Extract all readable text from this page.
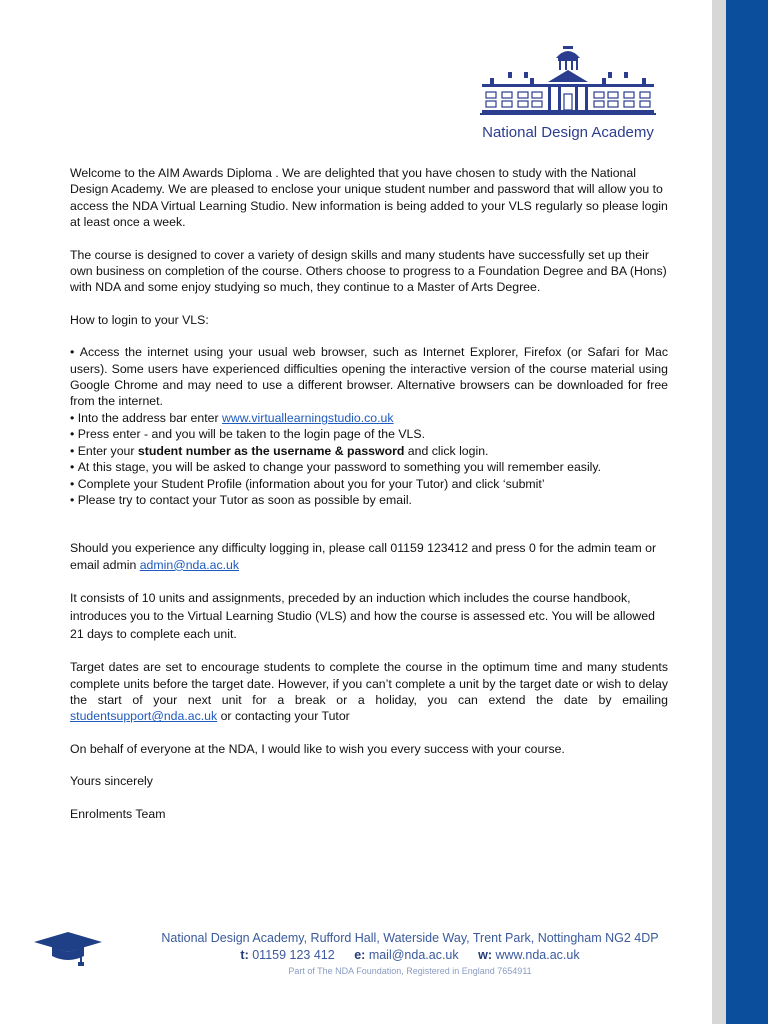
National Design Academy

Welcome to the AIM Awards Diploma . We are delighted that you have chosen to study with the National Design Academy. We are pleased to enclose your unique student number and password that will allow you to access the NDA Virtual Learning Studio. New information is being added to your VLS regularly so please login at least once a week.

The course is designed to cover a variety of design skills and many students have successfully set up their own business on completion of the course. Others choose to progress to a Foundation Degree and BA (Hons) with NDA and some enjoy studying so much, they continue to a Master of Arts Degree.

How to login to your VLS:

• Access the internet using your usual web browser, such as Internet Explorer, Firefox (or Safari for Mac users). Some users have experienced difficulties opening the interactive version of the course material using Google Chrome and may need to use a different browser. Alternative browsers can be downloaded for free from the internet.
• Into the address bar enter www.virtuallearningstudio.co.uk
• Press enter - and you will be taken to the login page of the VLS.
• Enter your student number as the username & password and click login.
• At this stage, you will be asked to change your password to something you will remember easily.
• Complete your Student Profile (information about you for your Tutor) and click ‘submit’
• Please try to contact your Tutor as soon as possible by email.

Should you experience any difficulty logging in, please call 01159 123412 and press 0 for the admin team or email admin admin@nda.ac.uk

It consists of 10 units and assignments, preceded by an induction which includes the course handbook, introduces you to the Virtual Learning Studio (VLS) and how the course is assessed etc. You will be allowed 21 days to complete each unit.

Target dates are set to encourage students to complete the course in the optimum time and many students complete units before the target date. However, if you can’t complete a unit by the target date or wish to delay the start of your next unit for a break or a holiday, you can extend the date by emailing studentsupport@nda.ac.uk or contacting your Tutor

On behalf of everyone at the NDA, I would like to wish you every success with your course.

Yours sincerely

Enrolments Team

National Design Academy, Rufford Hall, Waterside Way, Trent Park, Nottingham NG2 4DP
t: 01159 123 412 e: mail@nda.ac.uk w: www.nda.ac.uk
Part of The NDA Foundation, Registered in England 7654911
